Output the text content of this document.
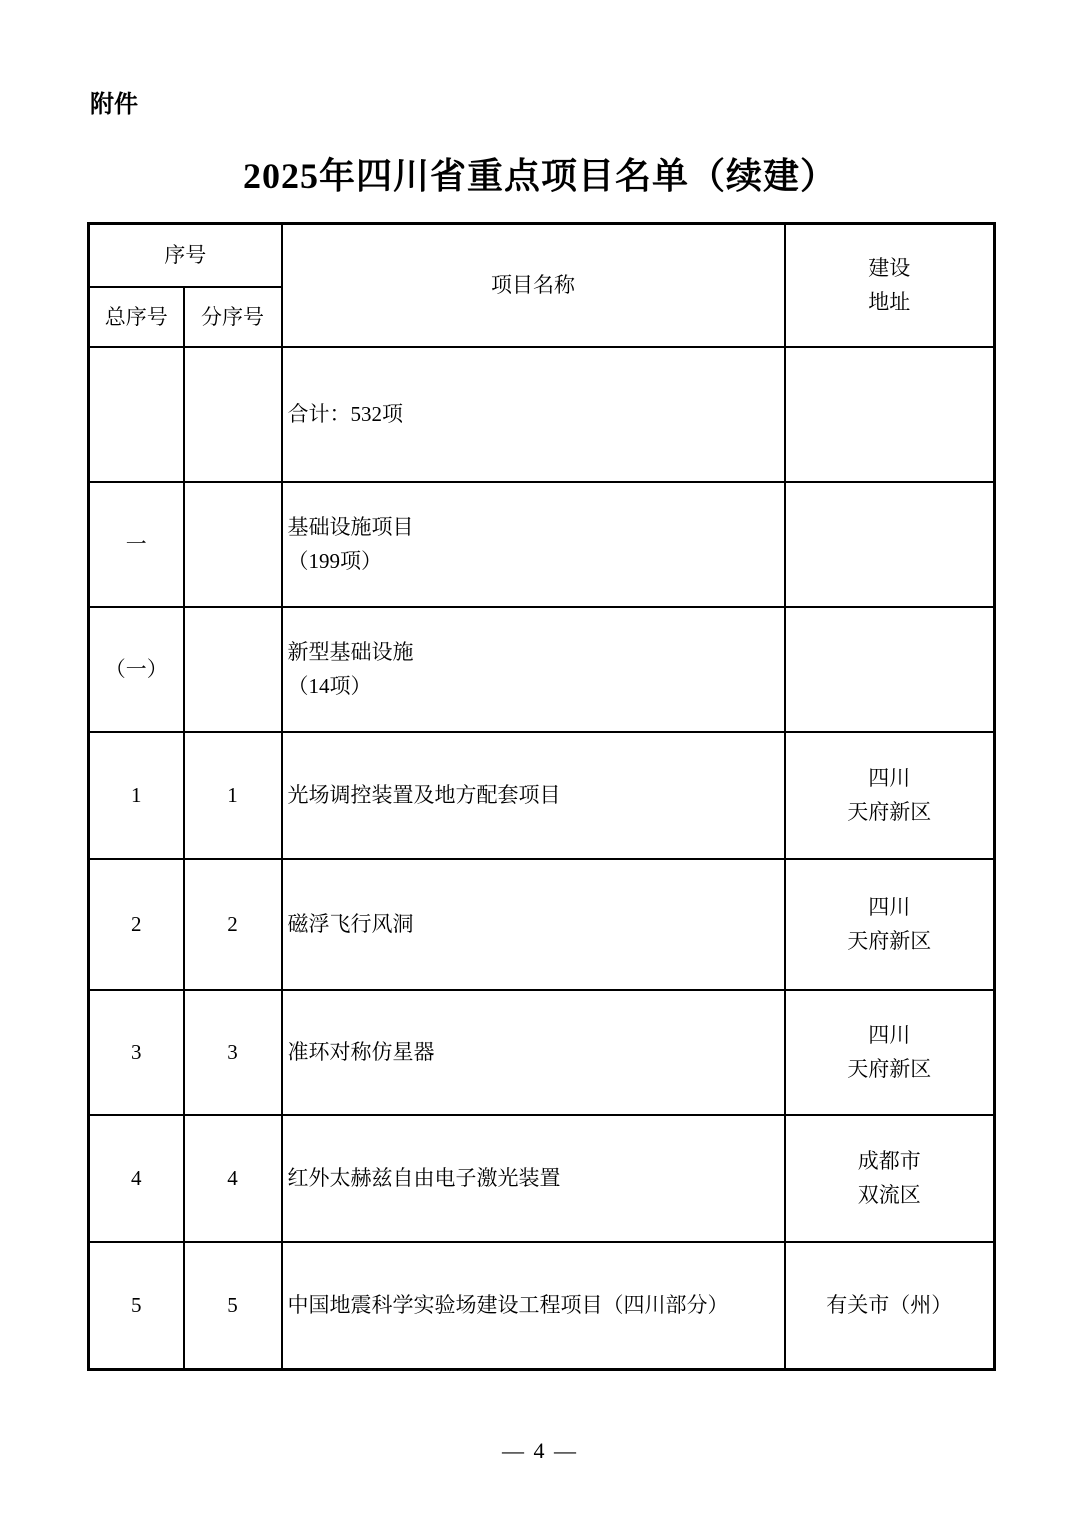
附件
2025年四川省重点项目名单（续建）
序号		项目名称	建设
地址

总序号	分序号		

		合计：532项	

一		基础设施项目
（199项）	

（一）		新型基础设施
（14项）	

1	1	光场调控装置及地方配套项目	四川
天府新区

2	2	磁浮飞行风洞	四川
天府新区

3	3	准环对称仿星器	四川
天府新区

4	4	红外太赫兹自由电子激光装置	成都市
双流区

5	5	中国地震科学实验场建设工程项目（四川部分）	有关市（州）
— 4 —
